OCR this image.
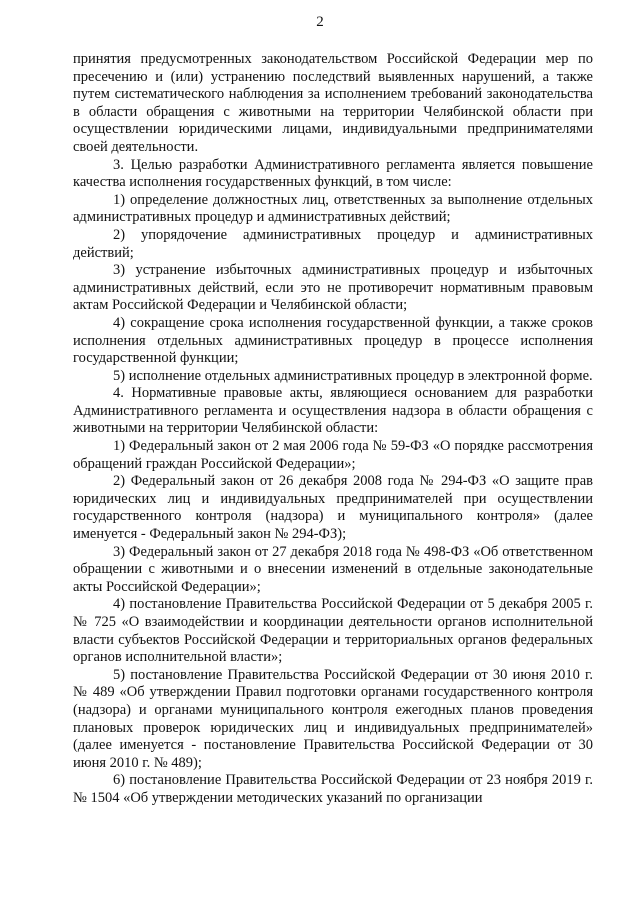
2

принятия предусмотренных законодательством Российской Федерации мер по пресечению и (или) устранению последствий выявленных нарушений, а также путем систематического наблюдения за исполнением требований законодательства в области обращения с животными на территории Челябинской области при осуществлении юридическими лицами, индивидуальными предпринимателями своей деятельности.

3. Целью разработки Административного регламента является повышение качества исполнения государственных функций, в том числе:

1) определение должностных лиц, ответственных за выполнение отдельных административных процедур и административных действий;

2) упорядочение административных процедур и административных действий;

3) устранение избыточных административных процедур и избыточных административных действий, если это не противоречит нормативным правовым актам Российской Федерации и Челябинской области;

4) сокращение срока исполнения государственной функции, а также сроков исполнения отдельных административных процедур в процессе исполнения государственной функции;

5) исполнение отдельных административных процедур в электронной форме.

4. Нормативные правовые акты, являющиеся основанием для разработки Административного регламента и осуществления надзора в области обращения с животными на территории Челябинской области:

1) Федеральный закон от 2 мая 2006 года № 59-ФЗ «О порядке рассмотрения обращений граждан Российской Федерации»;

2) Федеральный закон от 26 декабря 2008 года № 294-ФЗ «О защите прав юридических лиц и индивидуальных предпринимателей при осуществлении государственного контроля (надзора) и муниципального контроля» (далее именуется - Федеральный закон № 294-ФЗ);

3) Федеральный закон от 27 декабря 2018 года № 498-ФЗ «Об ответственном обращении с животными и о внесении изменений в отдельные законодательные акты Российской Федерации»;

4) постановление Правительства Российской Федерации от 5 декабря 2005 г. № 725 «О взаимодействии и координации деятельности органов исполнительной власти субъектов Российской Федерации и территориальных органов федеральных органов исполнительной власти»;

5) постановление Правительства Российской Федерации от 30 июня 2010 г. № 489 «Об утверждении Правил подготовки органами государственного контроля (надзора) и органами муниципального контроля ежегодных планов проведения плановых проверок юридических лиц и индивидуальных предпринимателей» (далее именуется - постановление Правительства Российской Федерации от 30 июня 2010 г. № 489);

6) постановление Правительства Российской Федерации от 23 ноября 2019 г. № 1504 «Об утверждении методических указаний по организации
